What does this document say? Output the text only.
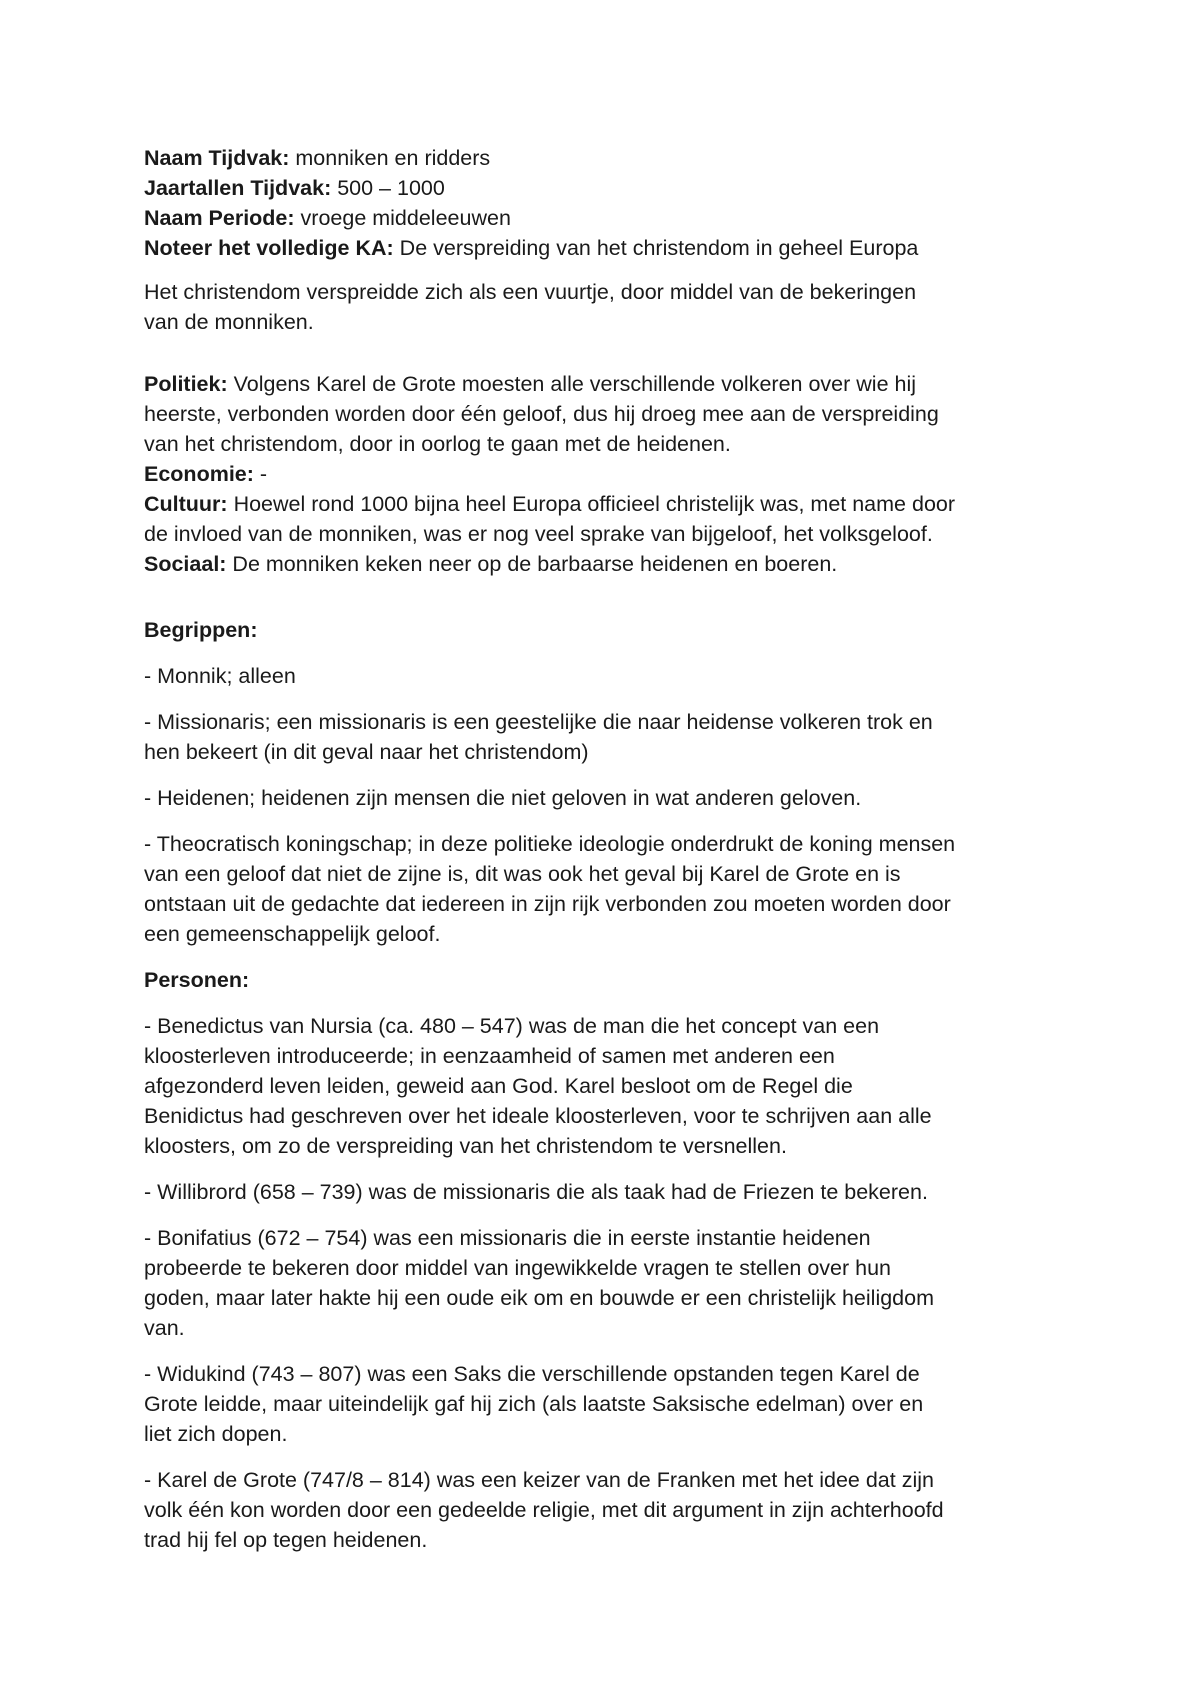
Naam Tijdvak: monniken en ridders

Jaartallen Tijdvak: 500 – 1000

Naam Periode: vroege middeleeuwen

Noteer het volledige KA: De verspreiding van het christendom in geheel Europa

Het christendom verspreidde zich als een vuurtje, door middel van de bekeringen

van de monniken.

Politiek: Volgens Karel de Grote moesten alle verschillende volkeren over wie hij

heerste, verbonden worden door één geloof, dus hij droeg mee aan de verspreiding

van het christendom, door in oorlog te gaan met de heidenen.

Economie: -

Cultuur: Hoewel rond 1000 bijna heel Europa officieel christelijk was, met name door

de invloed van de monniken, was er nog veel sprake van bijgeloof, het volksgeloof.

Sociaal: De monniken keken neer op de barbaarse heidenen en boeren.

Begrippen:

- Monnik; alleen

- Missionaris; een missionaris is een geestelijke die naar heidense volkeren trok en

hen bekeert (in dit geval naar het christendom)

- Heidenen; heidenen zijn mensen die niet geloven in wat anderen geloven.

- Theocratisch koningschap; in deze politieke ideologie onderdrukt de koning mensen

van een geloof dat niet de zijne is, dit was ook het geval bij Karel de Grote en is

ontstaan uit de gedachte dat iedereen in zijn rijk verbonden zou moeten worden door

een gemeenschappelijk geloof.

Personen:

- Benedictus van Nursia (ca. 480 – 547) was de man die het concept van een

kloosterleven introduceerde; in eenzaamheid of samen met anderen een

afgezonderd leven leiden, geweid aan God. Karel besloot om de Regel die

Benidictus had geschreven over het ideale kloosterleven, voor te schrijven aan alle

kloosters, om zo de verspreiding van het christendom te versnellen.

- Willibrord (658 – 739) was de missionaris die als taak had de Friezen te bekeren.

- Bonifatius (672 – 754) was een missionaris die in eerste instantie heidenen

probeerde te bekeren door middel van ingewikkelde vragen te stellen over hun

goden, maar later hakte hij een oude eik om en bouwde er een christelijk heiligdom

van.

- Widukind (743 – 807) was een Saks die verschillende opstanden tegen Karel de

Grote leidde, maar uiteindelijk gaf hij zich (als laatste Saksische edelman) over en

liet zich dopen.

- Karel de Grote (747/8 – 814) was een keizer van de Franken met het idee dat zijn

volk één kon worden door een gedeelde religie, met dit argument in zijn achterhoofd

trad hij fel op tegen heidenen.
